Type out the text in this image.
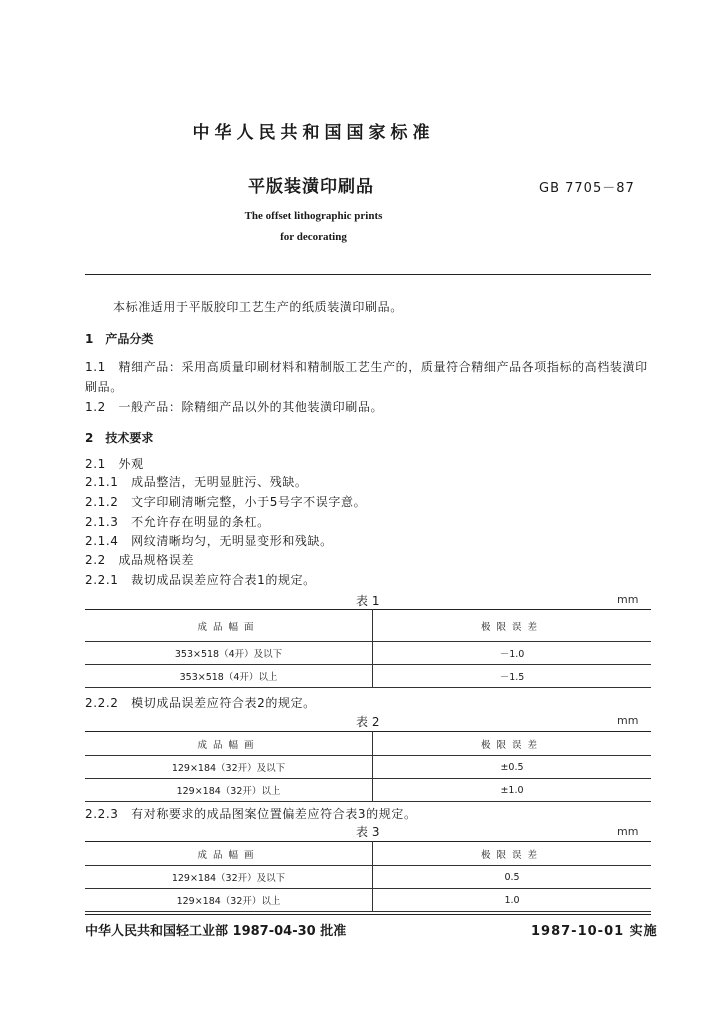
中华人民共和国国家标准
平版装潢印刷品	GB 7705－87
The offset lithographic prints
for decorating
本标准适用于平版胶印工艺生产的纸质装潢印刷品。
1　产品分类
1.1　精细产品：采用高质量印刷材料和精制版工艺生产的，质量符合精细产品各项指标的高档装潢印
刷品。
1.2　一般产品：除精细产品以外的其他装潢印刷品。
2　技术要求
2.1　外观
2.1.1　成品整洁，无明显脏污、残缺。
2.1.2　文字印刷清晰完整，小于5号字不误字意。
2.1.3　不允许存在明显的条杠。
2.1.4　网纹清晰均匀，无明显变形和残缺。
2.2　成品规格误差
2.2.1　裁切成品误差应符合表1的规定。
表 1	mm
成品幅面	极限误差
353×518（4开）及以下	－1.0
353×518（4开）以上	－1.5
2.2.2　模切成品误差应符合表2的规定。
表 2	mm
成品幅画	极限误差
129×184（32开）及以下	±0.5
129×184（32开）以上	±1.0
2.2.3　有对称要求的成品图案位置偏差应符合表3的规定。
表 3	mm
成品幅画	极限误差
129×184（32开）及以下	0.5
129×184（32开）以上	1.0
中华人民共和国轻工业部 1987-04-30 批准	1987-10-01 实施
